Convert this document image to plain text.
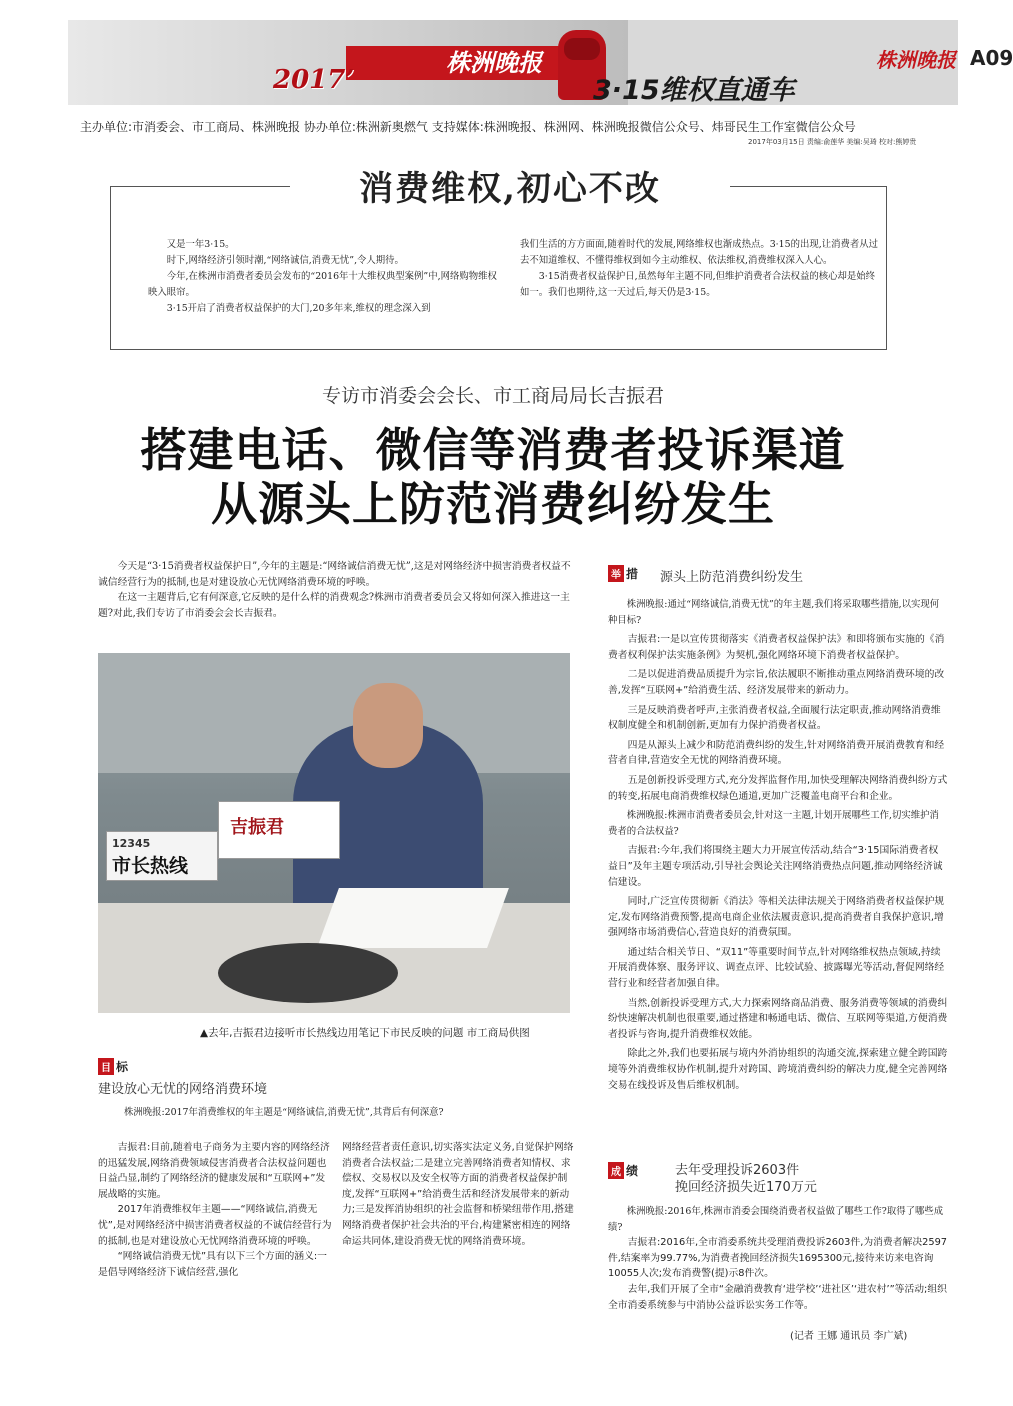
株洲晚报
2017’	3·15维权直通车
株洲晚报 A09
主办单位:市消委会、市工商局、株洲晚报 协办单位:株洲新奥燃气 支持媒体:株洲晚报、株洲网、株洲晚报微信公众号、炜哥民生工作室微信公众号
2017年03月15日 责编:俞莲华 美编:吴琦 校对:熊婷贵
消费维权,初心不改

又是一年3·15。

时下,网络经济引领时潮,“网络诚信,消费无忧”,令人期待。

今年,在株洲市消费者委员会发布的“2016年十大维权典型案例”中,网络购物维权映入眼帘。

3·15开启了消费者权益保护的大门,20多年来,维权的理念深入到

我们生活的方方面面,随着时代的发展,网络维权也渐成热点。3·15的出现,让消费者从过去不知道维权、不懂得维权到如今主动维权、依法维权,消费维权深入人心。

3·15消费者权益保护日,虽然每年主题不同,但维护消费者合法权益的核心却是始终如一。我们也期待,这一天过后,每天仍是3·15。

专访市消委会会长、市工商局局长吉振君
搭建电话、微信等消费者投诉渠道
从源头上防范消费纠纷发生

今天是“3·15消费者权益保护日”,今年的主题是:“网络诚信消费无忧”,这是对网络经济中损害消费者权益不诚信经营行为的抵制,也是对建设放心无忧网络消费环境的呼唤。

在这一主题背后,它有何深意,它反映的是什么样的消费观念?株洲市消费者委员会又将如何深入推进这一主题?对此,我们专访了市消委会会长吉振君。

12345
市长热线
吉振君
▲去年,吉振君边接听市长热线边用笔记下市民反映的问题 市工商局供图
目 标
建设放心无忧的网络消费环境
株洲晚报:2017年消费维权的年主题是“网络诚信,消费无忧”,其背后有何深意?

吉振君:目前,随着电子商务为主要内容的网络经济的迅猛发展,网络消费领域侵害消费者合法权益问题也日益凸显,制约了网络经济的健康发展和“互联网+”发展战略的实施。

2017年消费维权年主题——“网络诚信,消费无忧”,是对网络经济中损害消费者权益的不诚信经营行为的抵制,也是对建设放心无忧网络消费环境的呼唤。

“网络诚信消费无忧”具有以下三个方面的涵义:一是倡导网络经济下诚信经营,强化

网络经营者责任意识,切实落实法定义务,自觉保护网络消费者合法权益;二是建立完善网络消费者知情权、求偿权、交易权以及安全权等方面的消费者权益保护制度,发挥“互联网+”给消费生活和经济发展带来的新动力;三是发挥消协组织的社会监督和桥梁纽带作用,搭建网络消费者保护社会共治的平台,构建紧密相连的网络命运共同体,建设消费无忧的网络消费环境。

举 措 源头上防范消费纠纷发生

株洲晚报:通过“网络诚信,消费无忧”的年主题,我们将采取哪些措施,以实现何种目标?

吉振君:一是以宣传贯彻落实《消费者权益保护法》和即将颁布实施的《消费者权利保护法实施条例》为契机,强化网络环境下消费者权益保护。

二是以促进消费品质提升为宗旨,依法履职不断推动重点网络消费环境的改善,发挥“互联网+”给消费生活、经济发展带来的新动力。

三是反映消费者呼声,主张消费者权益,全面履行法定职责,推动网络消费维权制度健全和机制创新,更加有力保护消费者权益。

四是从源头上减少和防范消费纠纷的发生,针对网络消费开展消费教育和经营者自律,营造安全无忧的网络消费环境。

五是创新投诉受理方式,充分发挥监督作用,加快受理解决网络消费纠纷方式的转变,拓展电商消费维权绿色通道,更加广泛覆盖电商平台和企业。

株洲晚报:株洲市消费者委员会,针对这一主题,计划开展哪些工作,切实维护消费者的合法权益?

吉振君:今年,我们将围绕主题大力开展宣传活动,结合“3·15国际消费者权益日”及年主题专项活动,引导社会舆论关注网络消费热点问题,推动网络经济诚信建设。

同时,广泛宣传贯彻新《消法》等相关法律法规关于网络消费者权益保护规定,发布网络消费预警,提高电商企业依法履责意识,提高消费者自我保护意识,增强网络市场消费信心,营造良好的消费氛围。

通过结合相关节日、“双11”等重要时间节点,针对网络维权热点领域,持续开展消费体察、服务评议、调查点评、比较试验、披露曝光等活动,督促网络经营行业和经营者加强自律。

当然,创新投诉受理方式,大力探索网络商品消费、服务消费等领域的消费纠纷快速解决机制也很重要,通过搭建和畅通电话、微信、互联网等渠道,方便消费者投诉与咨询,提升消费维权效能。

除此之外,我们也要拓展与境内外消协组织的沟通交流,探索建立健全跨国跨境等外消费维权协作机制,提升对跨国、跨境消费纠纷的解决力度,健全完善网络交易在线投诉及售后维权机制。

成 绩	去年受理投诉2603件
挽回经济损失近170万元

株洲晚报:2016年,株洲市消委会围绕消费者权益做了哪些工作?取得了哪些成绩?

吉振君:2016年,全市消委系统共受理消费投诉2603件,为消费者解决2597件,结案率为99.77%,为消费者挽回经济损失1695300元,接待来访来电咨询10055人次;发布消费警(提)示8件次。

去年,我们开展了全市“金融消费教育‘进学校’‘进社区’‘进农村’”等活动;组织全市消委系统参与中消协公益诉讼实务工作等。

(记者 王娜 通讯员 李广斌)
